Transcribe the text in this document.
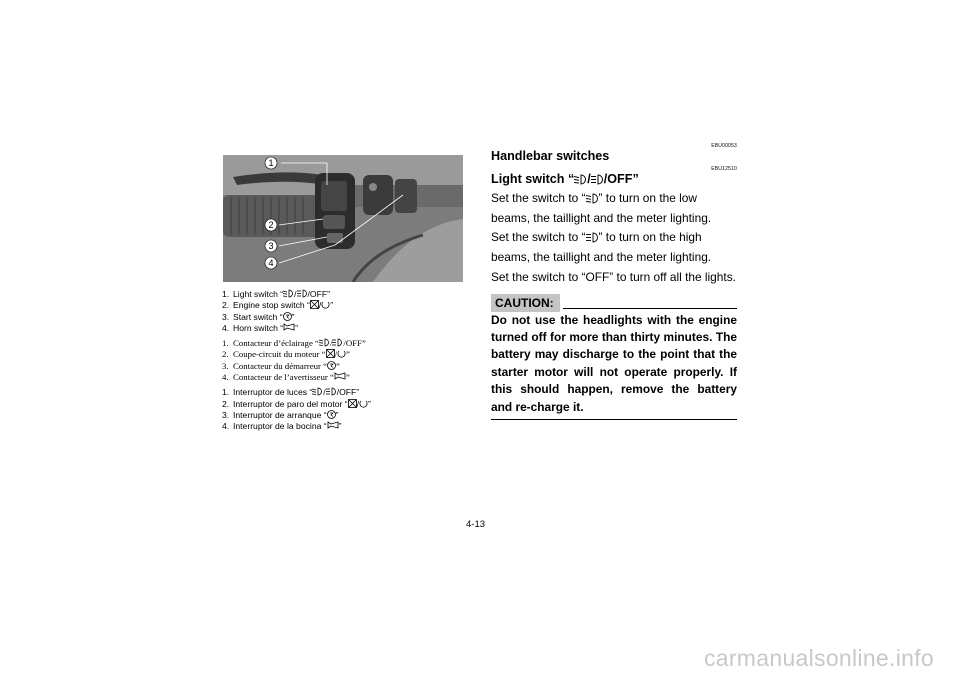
1
2
3
4
1. Light switch “ / /OFF”
2. Engine stop switch “ / ”
3. Start switch “ ”
4. Horn switch “ ”
1. Contacteur d’éclairage “ / /OFF”
2. Coupe-circuit du moteur “ / ”
3. Contacteur du démarreur “ ”
4. Contacteur de l’avertisseur “ ”
1. Interruptor de luces “ / /OFF”
2. Interruptor de paro del motor “ / ”
3. Interruptor de arranque “ ”
4. Interruptor de la bocina “ ”
EBU00053
Handlebar switches
EBU12510
Light switch “ / /OFF”

Set the switch to “ ” to turn on the low beams, the taillight and the meter lighting.

Set the switch to “ ” to turn on the high beams, the taillight and the meter lighting.

Set the switch to “OFF” to turn off all the lights.

CAUTION:
Do not use the headlights with the engine turned off for more than thirty minutes. The battery may discharge to the point that the starter motor will not operate properly. If this should happen, remove the battery and re-charge it.
4-13
carmanualsonline.info
